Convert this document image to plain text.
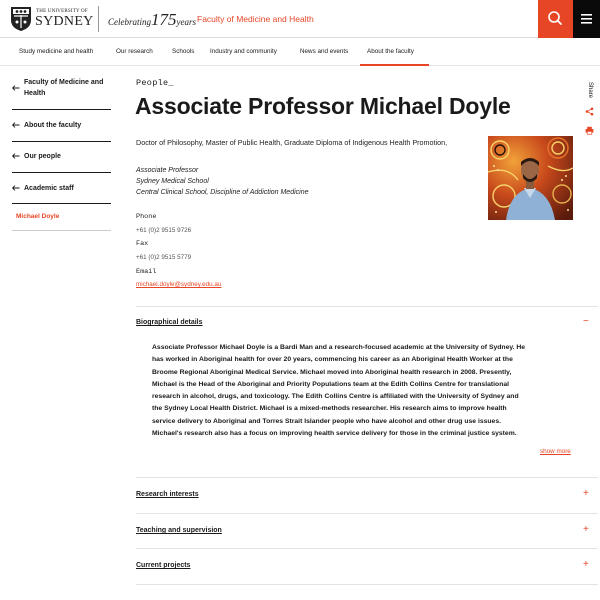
THE UNIVERSITY OF
SYDNEY Celebrating175years Faculty of Medicine and Health
Study medicine and health	Our research	Schools Industry and community	News and events	About the faculty
Faculty of Medicine and Health
About the faculty
Our people
Academic staff
Michael Doyle
People_
Associate Professor Michael Doyle
Share

Doctor of Philosophy, Master of Public Health, Graduate Diploma of Indigenous Health Promotion,

Associate Professor
Sydney Medical School
Central Clinical School, Discipline of Addiction Medicine
Phone
+61 (0)2 9515 9726
Fax
+61 (0)2 9515 5779
Email
michael.doyle@sydney.edu.au
Biographical details	−
Associate Professor Michael Doyle is a Bardi Man and a research-focused academic at the University of Sydney. He
has worked in Aboriginal health for over 20 years, commencing his career as an Aboriginal Health Worker at the
Broome Regional Aboriginal Medical Service. Michael moved into Aboriginal health research in 2008. Presently,
Michael is the Head of the Aboriginal and Priority Populations team at the Edith Collins Centre for translational
research in alcohol, drugs, and toxicology. The Edith Collins Centre is affiliated with the University of Sydney and
the Sydney Local Health District. Michael is a mixed-methods researcher. His research aims to improve health
service delivery to Aboriginal and Torres Strait Islander people who have alcohol and other drug use issues.
Michael's research also has a focus on improving health service delivery for those in the criminal justice system.
show more
Research interests	+
Teaching and supervision	+
Current projects	+
